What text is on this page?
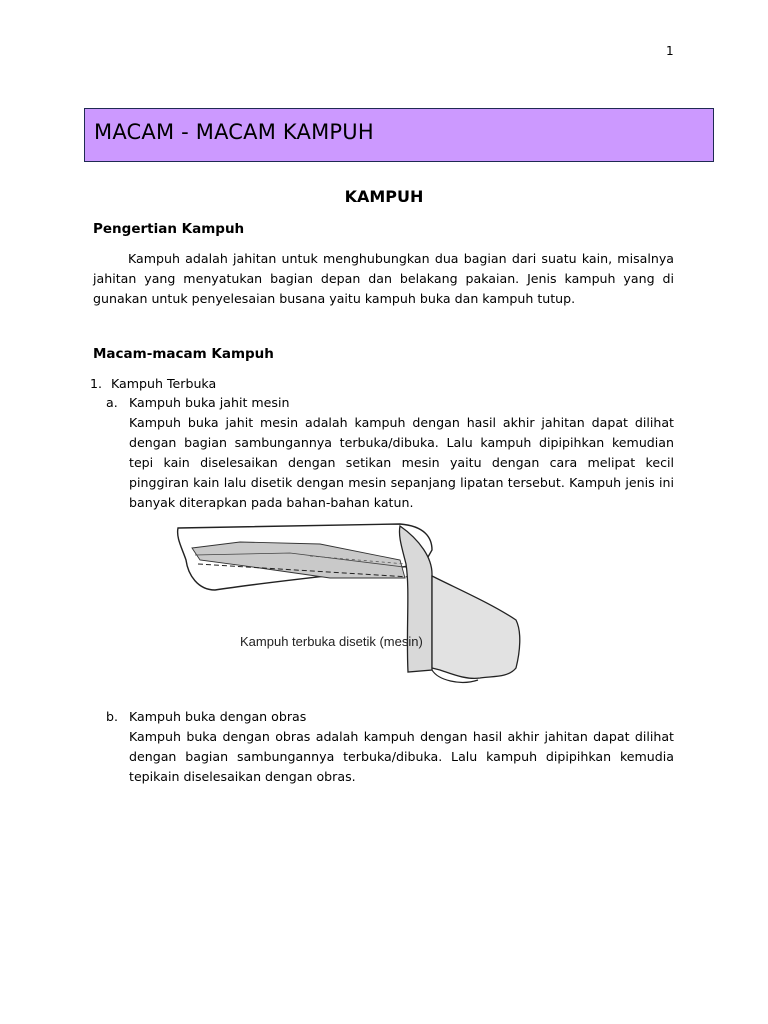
1
MACAM - MACAM KAMPUH
KAMPUH
Pengertian Kampuh

Kampuh adalah jahitan untuk menghubungkan dua bagian dari suatu kain, misalnya jahitan yang menyatukan bagian depan dan belakang pakaian. Jenis kampuh yang di gunakan untuk penyelesaian busana yaitu kampuh buka dan kampuh tutup.

Macam-macam Kampuh
1. Kampuh Terbuka
a. Kampuh buka jahit mesin

Kampuh buka jahit mesin adalah kampuh dengan hasil akhir jahitan dapat dilihat dengan bagian sambungannya terbuka/dibuka. Lalu kampuh dipipihkan kemudian tepi kain diselesaikan dengan setikan mesin yaitu dengan cara melipat kecil pinggiran kain lalu disetik dengan mesin sepanjang lipatan tersebut. Kampuh jenis ini banyak diterapkan pada bahan-bahan katun.

Kampuh terbuka disetik (mesin)
b. Kampuh buka dengan obras

Kampuh buka dengan obras adalah kampuh dengan hasil akhir jahitan dapat dilihat dengan bagian sambungannya terbuka/dibuka. Lalu kampuh dipipihkan kemudia tepikain diselesaikan dengan obras.
